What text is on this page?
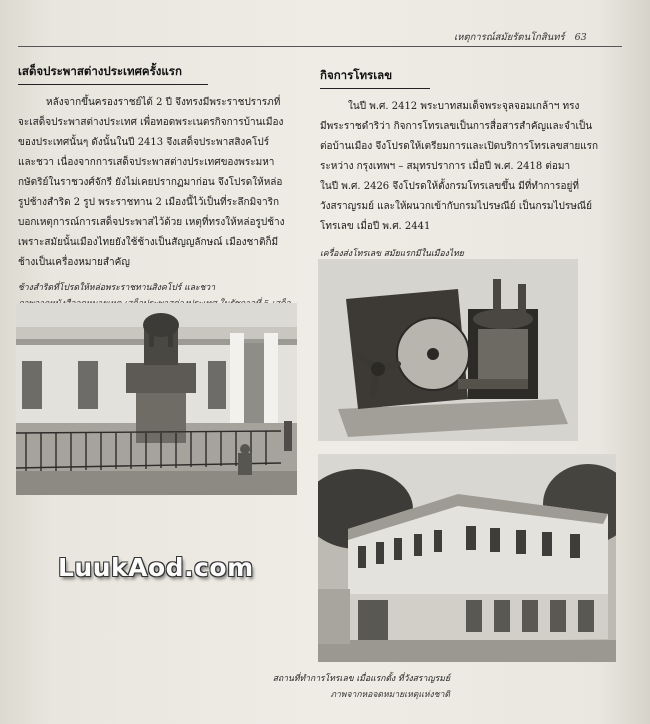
เหตุการณ์สมัยรัตนโกสินทร์ 63
เสด็จประพาสต่างประเทศครั้งแรก
หลังจากขึ้นครองราชย์ได้ 2 ปี จึงทรงมีพระราชปรารภที่
จะเสด็จประพาสต่างประเทศ เพื่อทอดพระเนตรกิจการบ้านเมือง
ของประเทศนั้นๆ ดังนั้นในปี 2413 จึงเสด็จประพาสสิงคโปร์
และชวา เนื่องจากการเสด็จประพาสต่างประเทศของพระมหา
กษัตริย์ในราชวงศ์จักรี ยังไม่เคยปรากฏมาก่อน จึงโปรดให้หล่อ
รูปช้างสำริด 2 รูป พระราชทาน 2 เมืองนี้ไว้เป็นที่ระลึกมิจาริก
บอกเหตุการณ์การเสด็จประพาสไว้ด้วย เหตุที่ทรงให้หล่อรูปช้าง
เพราะสมัยนั้นเมืองไทยยังใช้ช้างเป็นสัญญลักษณ์ เมืองชาติก็มี
ช้างเป็นเครื่องหมายสำคัญ
ช้างสำริดที่โปรดให้หล่อพระราชทานสิงคโปร์ และชวา
กิจการโทรเลข
ในปี พ.ศ. 2412 พระบาทสมเด็จพระจุลจอมเกล้าฯ ทรง
มีพระราชดำริว่า กิจการโทรเลขเป็นการสื่อสารสำคัญและจำเป็น
ต่อบ้านเมือง จึงโปรดให้เตรียมการและเปิดบริการโทรเลขสายแรก
ระหว่าง กรุงเทพฯ – สมุทรปราการ เมื่อปี พ.ศ. 2418 ต่อมา
ในปี พ.ศ. 2426 จึงโปรดให้ตั้งกรมโทรเลขขึ้น มีที่ทำการอยู่ที่
วังสราญรมย์ และให้ผนวกเข้ากับกรมไปรษณีย์ เป็นกรมไปรษณีย์
โทรเลข เมื่อปี พ.ศ. 2441
เครื่องส่งโทรเลข สมัยแรกมีในเมืองไทย
สถานที่ทำการโทรเลข เมื่อแรกตั้ง ที่วังสราญรมย์
ภาพจากหอจดหมายเหตุแห่งชาติ
LuukAod.com
